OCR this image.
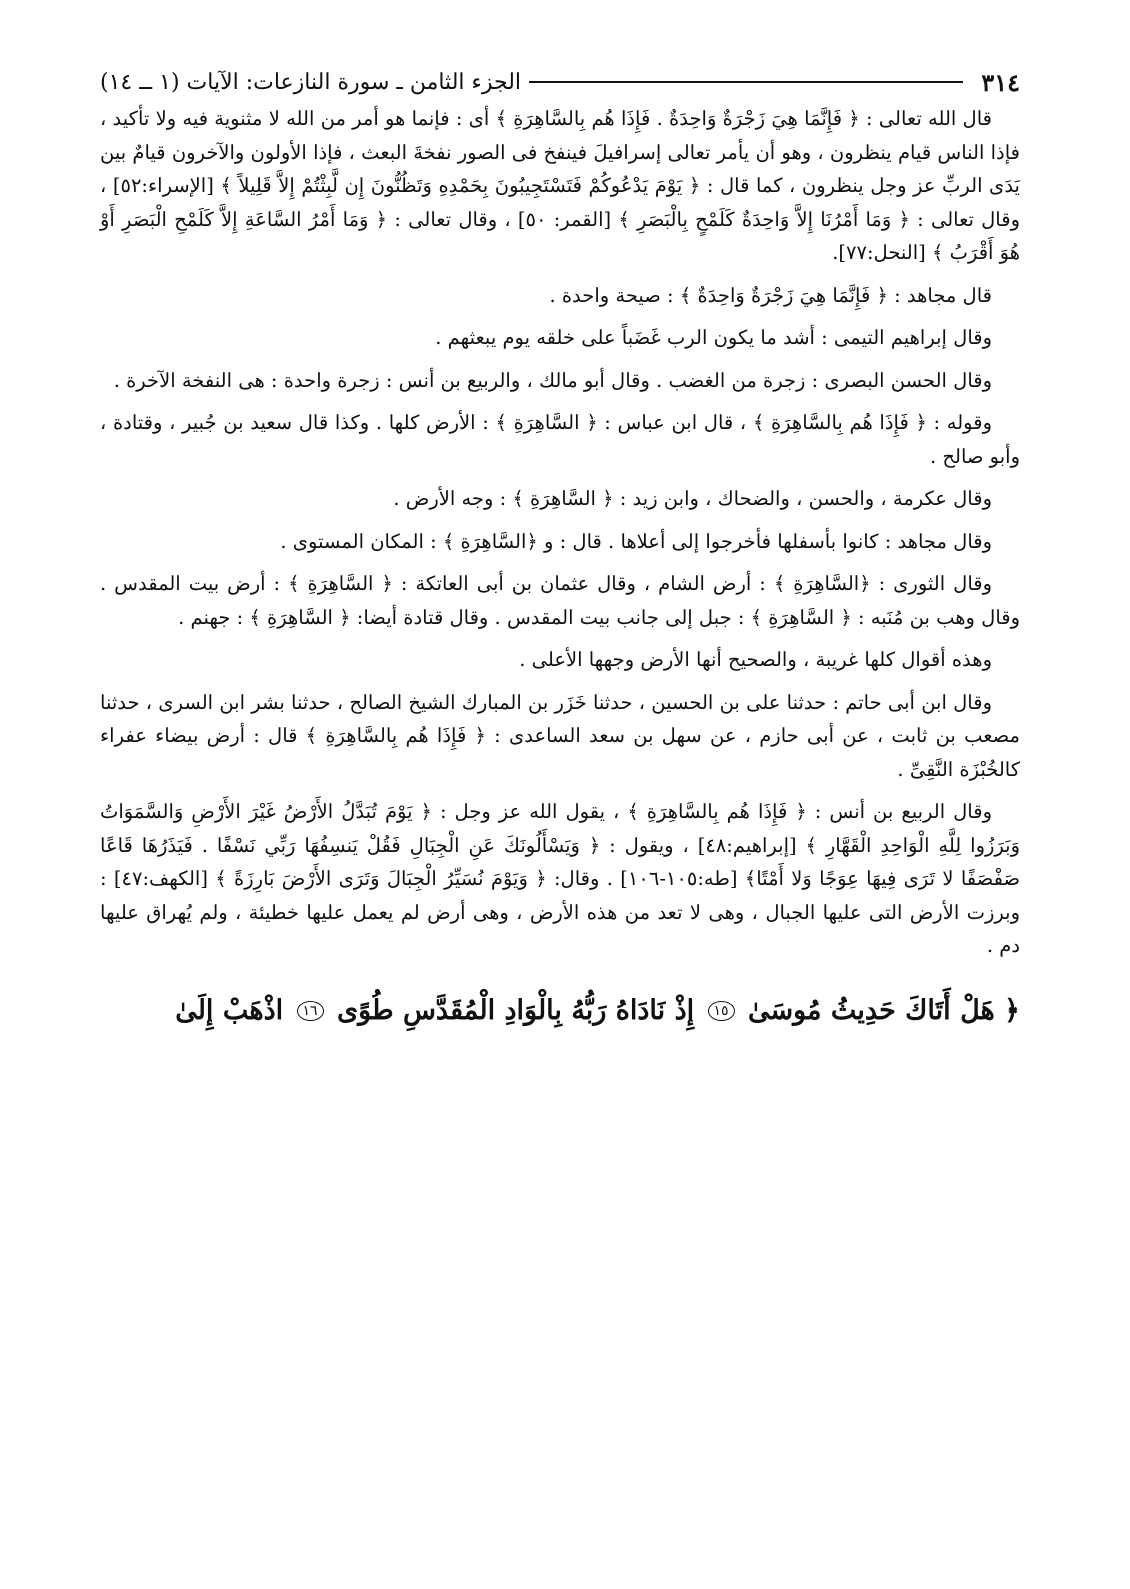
٣١٤
الجزء الثامن ـ سورة النازعات: الآيات (١ ــ ١٤)

قال الله تعالى : ﴿ فَإِنَّمَا هِيَ زَجْرَةٌ وَاحِدَةٌ . فَإِذَا هُم بِالسَّاهِرَةِ ﴾ أى : فإنما هو أمر من الله لا مثنوية فيه ولا تأكيد ، فإذا الناس قيام ينظرون ، وهو أن يأمر تعالى إسرافيلَ فينفخ فى الصور نفخةَ البعث ، فإذا الأولون والآخرون قيامٌ بين يَدَى الربِّ عز وجل ينظرون ، كما قال : ﴿ يَوْمَ يَدْعُوكُمْ فَتَسْتَجِيبُونَ بِحَمْدِهِ وَتَظُنُّونَ إِن لَّبِثْتُمْ إِلاَّ قَلِيلاً ﴾ [الإسراء:٥٢] ، وقال تعالى : ﴿ وَمَا أَمْرُنَا إِلاَّ وَاحِدَةٌ كَلَمْحٍ بِالْبَصَرِ ﴾ [القمر: ٥٠] ، وقال تعالى : ﴿ وَمَا أَمْرُ السَّاعَةِ إِلاَّ كَلَمْحِ الْبَصَرِ أَوْ هُوَ أَقْرَبُ ﴾ [النحل:٧٧].

قال مجاهد : ﴿ فَإِنَّمَا هِيَ زَجْرَةٌ وَاحِدَةٌ ﴾ : صيحة واحدة .

وقال إبراهيم التيمى : أشد ما يكون الرب غَضَباً على خلقه يوم يبعثهم .

وقال الحسن البصرى : زجرة من الغضب . وقال أبو مالك ، والربيع بن أنس : زجرة واحدة : هى النفخة الآخرة .

وقوله : ﴿ فَإِذَا هُم بِالسَّاهِرَةِ ﴾ ، قال ابن عباس : ﴿ السَّاهِرَةِ ﴾ : الأرض كلها . وكذا قال سعيد بن جُبير ، وقتادة ، وأبو صالح .

وقال عكرمة ، والحسن ، والضحاك ، وابن زيد : ﴿ السَّاهِرَةِ ﴾ : وجه الأرض .

وقال مجاهد : كانوا بأسفلها فأخرجوا إلى أعلاها . قال : و ﴿السَّاهِرَةِ ﴾ : المكان المستوى .

وقال الثورى : ﴿السَّاهِرَةِ ﴾ : أرض الشام ، وقال عثمان بن أبى العاتكة : ﴿ السَّاهِرَةِ ﴾ : أرض بيت المقدس . وقال وهب بن مُنَبه : ﴿ السَّاهِرَةِ ﴾ : جبل إلى جانب بيت المقدس . وقال قتادة أيضا: ﴿ السَّاهِرَةِ ﴾ : جهنم .

وهذه أقوال كلها غريبة ، والصحيح أنها الأرض وجهها الأعلى .

وقال ابن أبى حاتم : حدثنا على بن الحسين ، حدثنا خَزَر بن المبارك الشيخ الصالح ، حدثنا بشر ابن السرى ، حدثنا مصعب بن ثابت ، عن أبى حازم ، عن سهل بن سعد الساعدى : ﴿ فَإِذَا هُم بِالسَّاهِرَةِ ﴾ قال : أرض بيضاء عفراء كالخُبْزَة النَّقِىِّ .

وقال الربيع بن أنس : ﴿ فَإِذَا هُم بِالسَّاهِرَةِ ﴾ ، يقول الله عز وجل : ﴿ يَوْمَ تُبَدَّلُ الأَرْضُ غَيْرَ الأَرْضِ وَالسَّمَوَاتُ وَبَرَزُوا لِلَّهِ الْوَاحِدِ الْقَهَّارِ ﴾ [إبراهيم:٤٨] ، ويقول : ﴿ وَيَسْأَلُونَكَ عَنِ الْجِبَالِ فَقُلْ يَنسِفُهَا رَبِّي نَسْفًا . فَيَذَرُهَا قَاعًا صَفْصَفًا لا تَرَى فِيهَا عِوَجًا وَلا أَمْتًا﴾ [طه:١٠٥-١٠٦] . وقال: ﴿ وَيَوْمَ نُسَيِّرُ الْجِبَالَ وَتَرَى الأَرْضَ بَارِزَةً ﴾ [الكهف:٤٧] : وبرزت الأرض التى عليها الجبال ، وهى لا تعد من هذه الأرض ، وهى أرض لم يعمل عليها خطيئة ، ولم يُهراق عليها دم .

﴿ هَلْ أَتَاكَ حَدِيثُ مُوسَىٰ ١٥ إِذْ نَادَاهُ رَبُّهُ بِالْوَادِ الْمُقَدَّسِ طُوًى ١٦ اذْهَبْ إِلَىٰ
